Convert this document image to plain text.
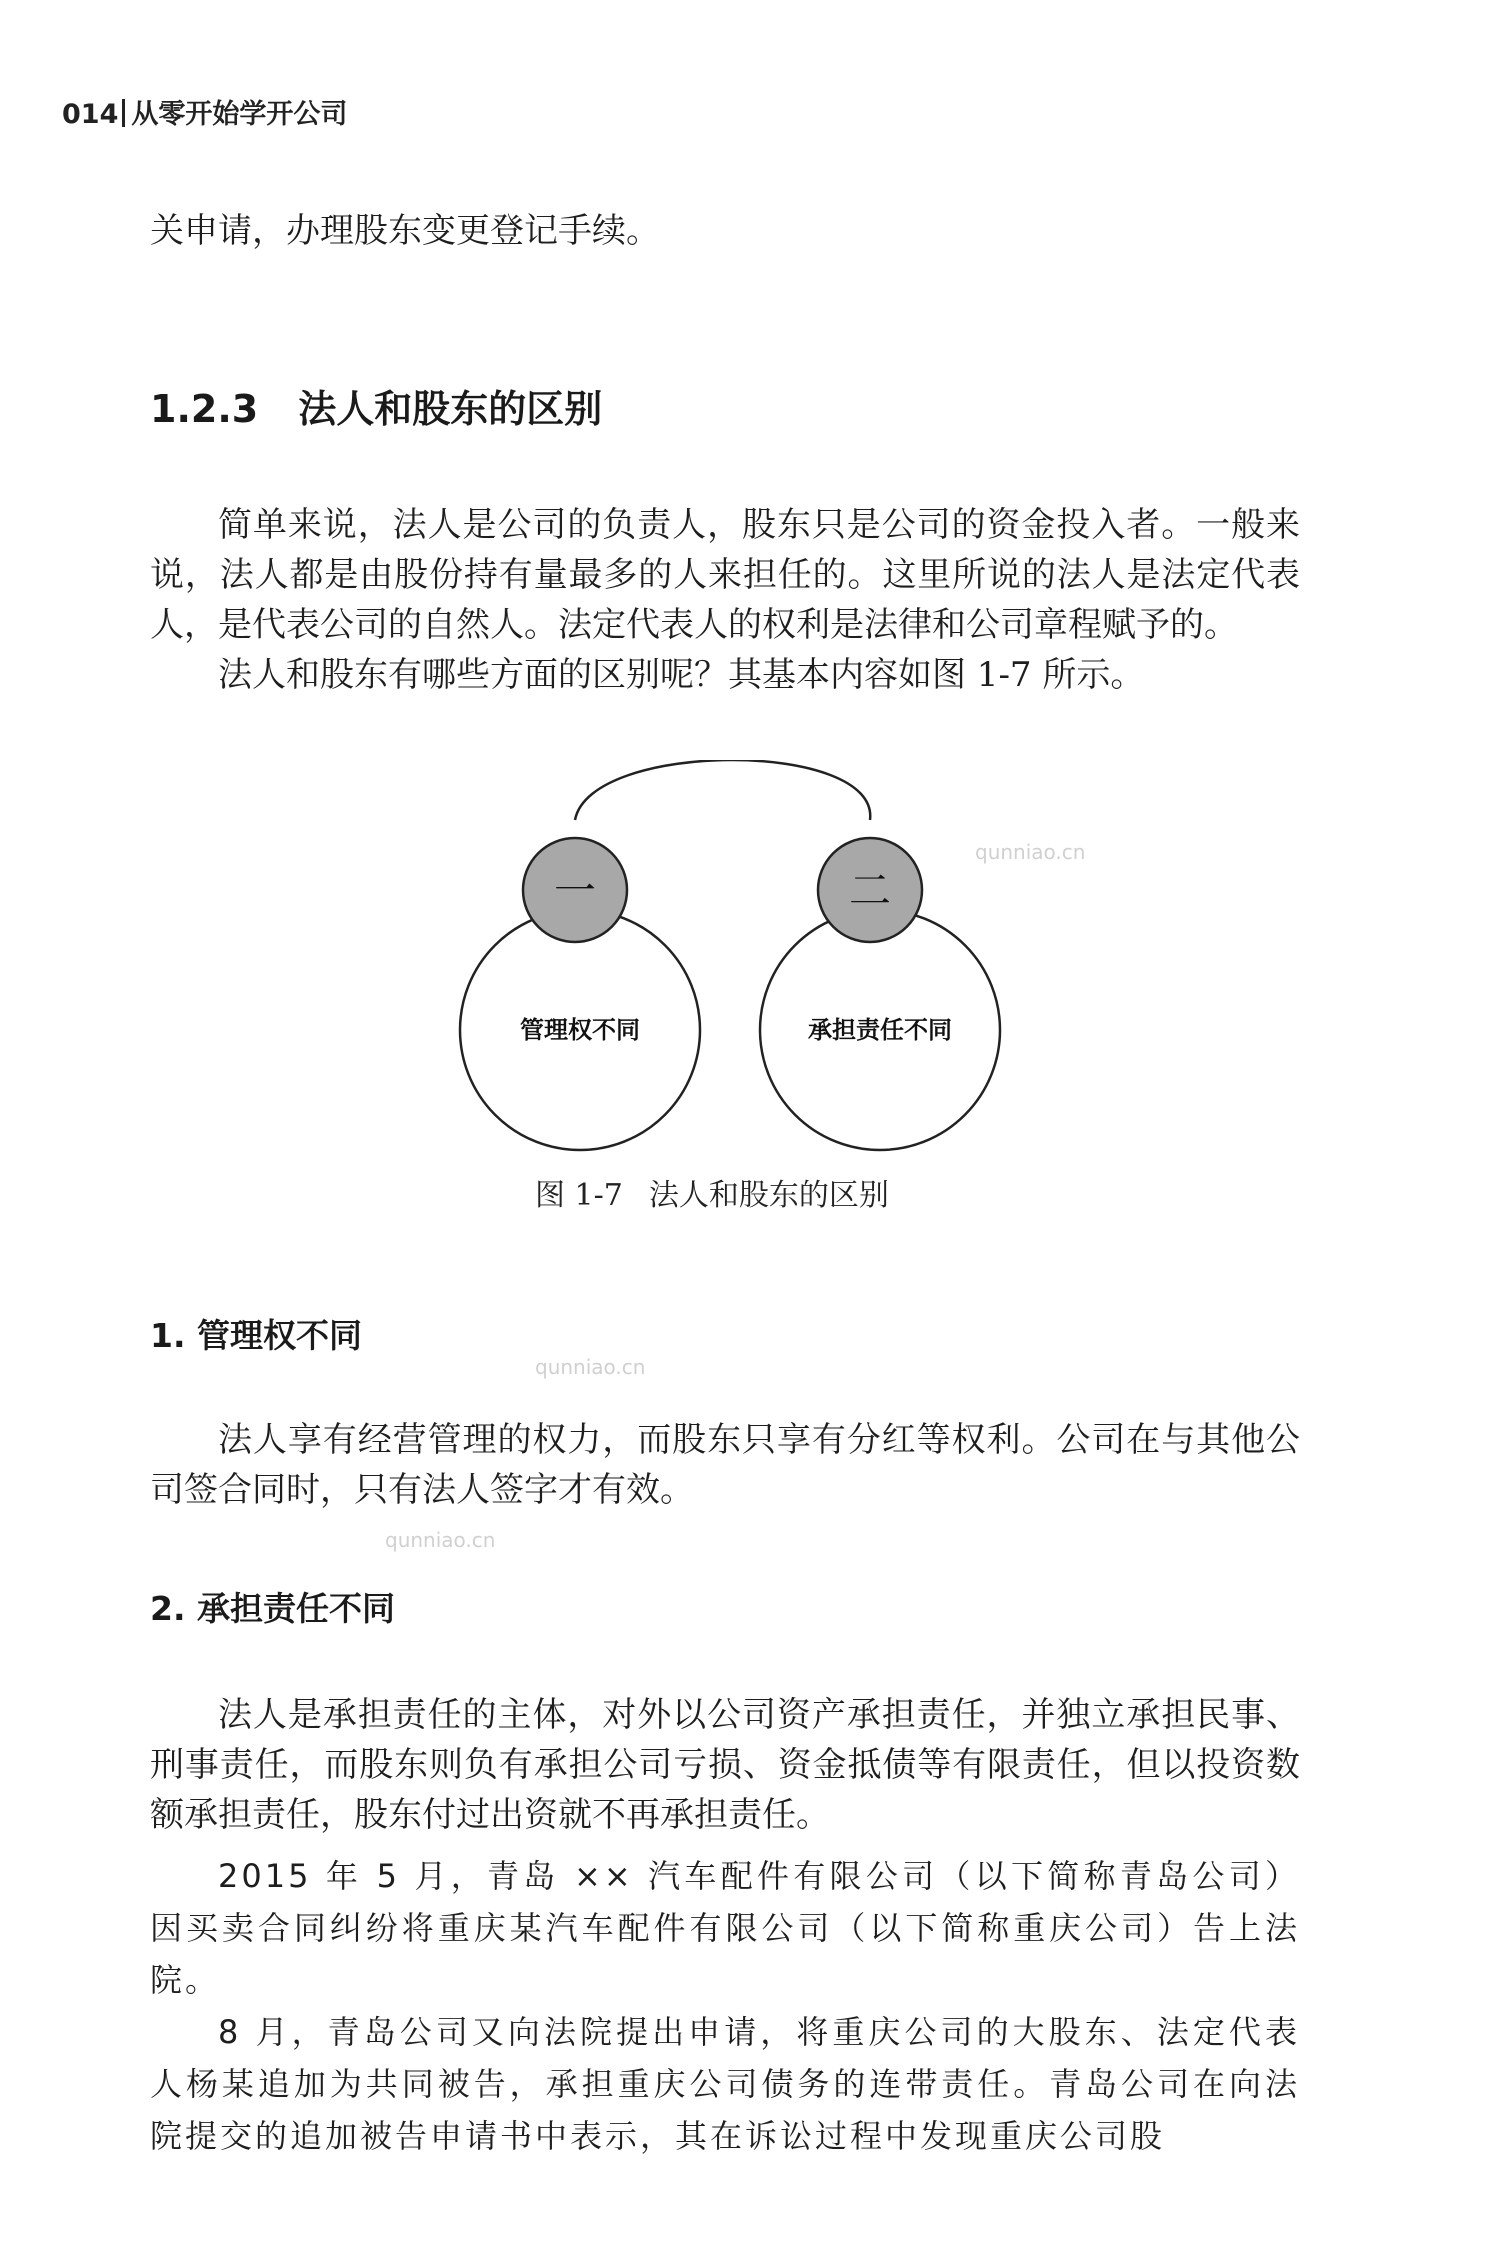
014 从零开始学开公司

关申请，办理股东变更登记手续。

1.2.3 法人和股东的区别

简单来说，法人是公司的负责人，股东只是公司的资金投入者。一般来说，法人都是由股份持有量最多的人来担任的。这里所说的法人是法定代表人，是代表公司的自然人。法定代表人的权利是法律和公司章程赋予的。

法人和股东有哪些方面的区别呢？其基本内容如图 1-7 所示。

一	二
管理权不同	承担责任不同
图 1-7 法人和股东的区别
1. 管理权不同

法人享有经营管理的权力，而股东只享有分红等权利。公司在与其他公司签合同时，只有法人签字才有效。

2. 承担责任不同

法人是承担责任的主体，对外以公司资产承担责任，并独立承担民事、刑事责任，而股东则负有承担公司亏损、资金抵债等有限责任，但以投资数额承担责任，股东付过出资就不再承担责任。

2015 年 5 月，青岛 ×× 汽车配件有限公司（以下简称青岛公司）因买卖合同纠纷将重庆某汽车配件有限公司（以下简称重庆公司）告上法院。

8 月，青岛公司又向法院提出申请，将重庆公司的大股东、法定代表人杨某追加为共同被告，承担重庆公司债务的连带责任。青岛公司在向法院提交的追加被告申请书中表示，其在诉讼过程中发现重庆公司股

qunniao.cn
qunniao.cn
qunniao.cn
